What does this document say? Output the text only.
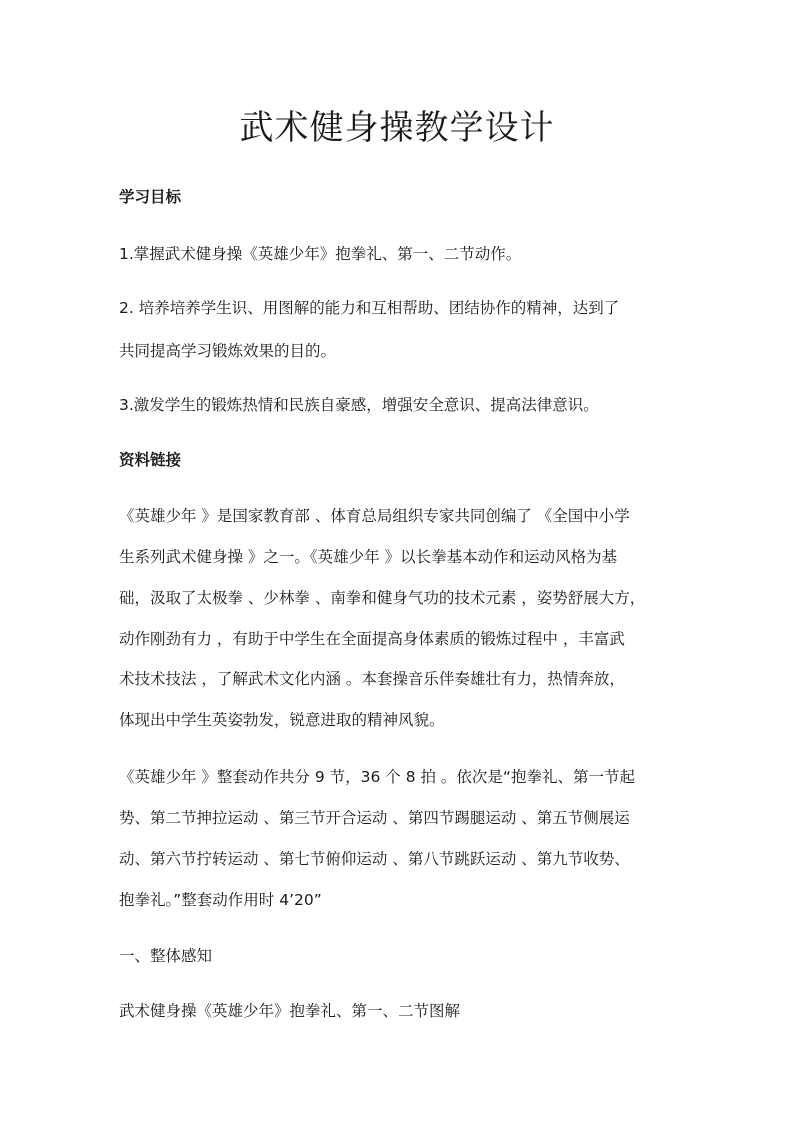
武术健身操教学设计

学习目标

1.掌握武术健身操《英雄少年》抱拳礼、第一、二节动作。

2. 培养培养学生识、用图解的能力和互相帮助、团结协作的精神，达到了

共同提高学习锻炼效果的目的。

3.激发学生的锻炼热情和民族自豪感，增强安全意识、提高法律意识。

资料链接

《英雄少年 》是国家教育部 、体育总局组织专家共同创编了 《全国中小学

生系列武术健身操 》之一。《英雄少年 》以长拳基本动作和运动风格为基

础，汲取了太极拳 、少林拳 、南拳和健身气功的技术元素 ，姿势舒展大方，

动作刚劲有力 ，有助于中学生在全面提高身体素质的锻炼过程中 ，丰富武

术技术技法 ，了解武术文化内涵 。本套操音乐伴奏雄壮有力，热情奔放，

体现出中学生英姿勃发，锐意进取的精神风貌。

《英雄少年 》整套动作共分 9 节，36 个 8 拍 。依次是“抱拳礼、第一节起

势、第二节抻拉运动 、第三节开合运动 、第四节踢腿运动 、第五节侧展运

动、第六节拧转运动 、第七节俯仰运动 、第八节跳跃运动 、第九节收势、

抱拳礼。”整套动作用时 4’20”

一、整体感知

武术健身操《英雄少年》抱拳礼、第一、二节图解
